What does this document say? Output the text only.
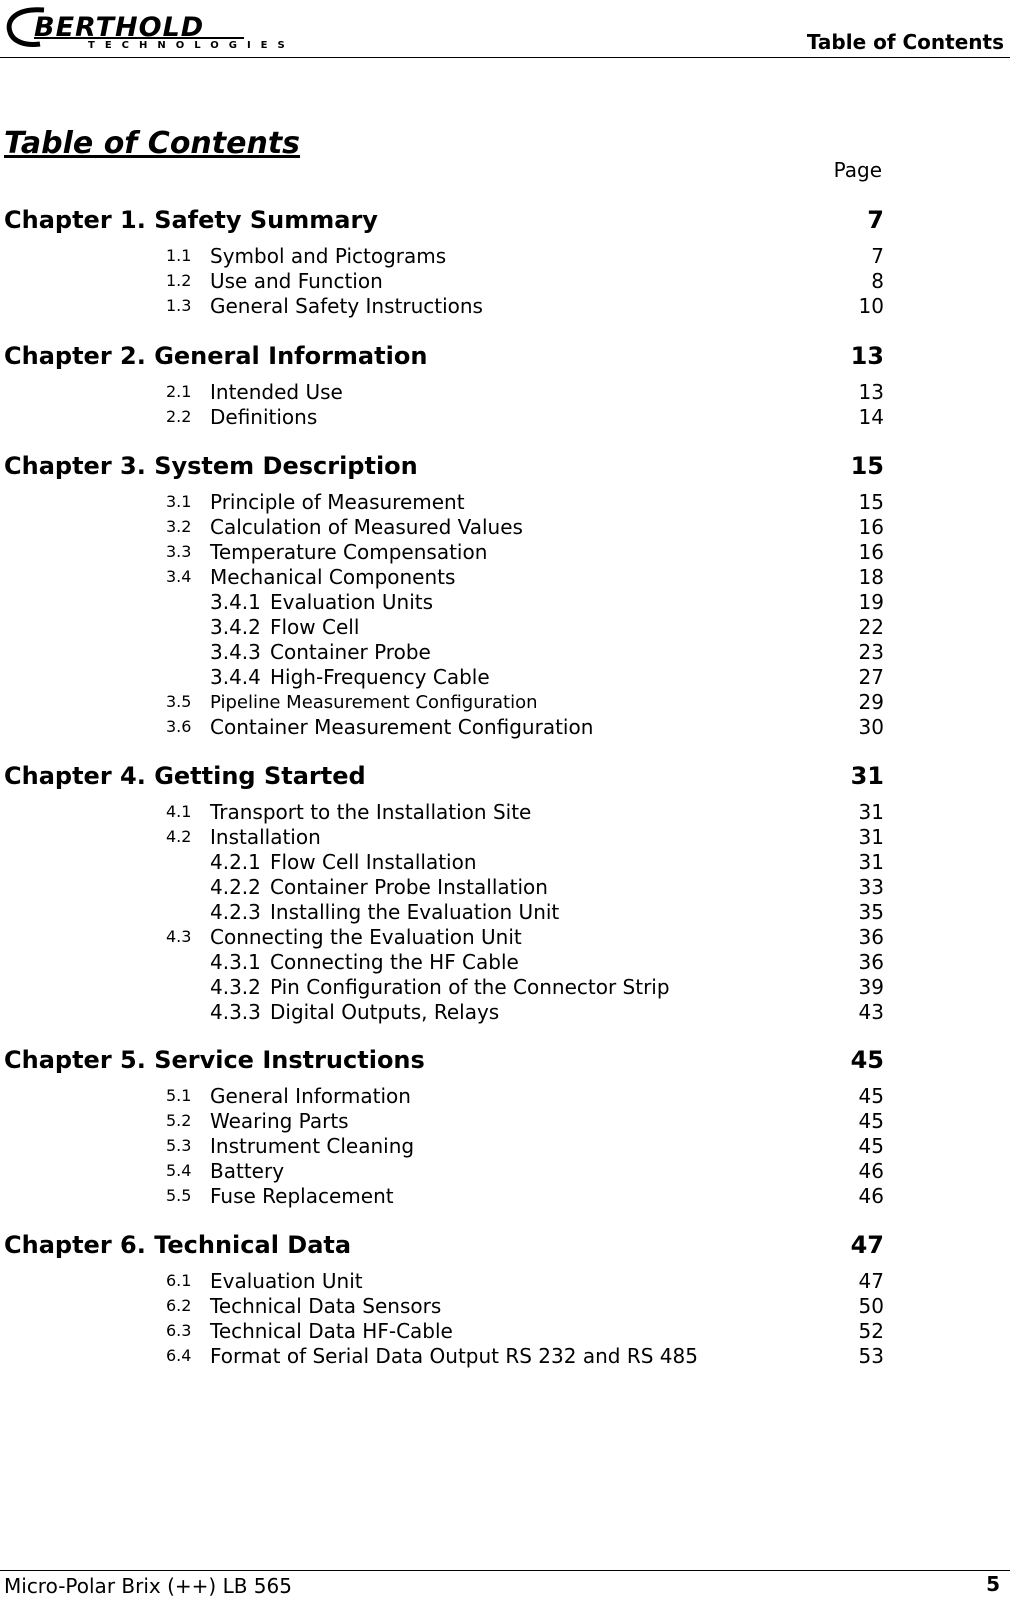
BERTHOLD
TECHNOLOGIES	Table of Contents
Table of Contents
Page
Chapter 1. Safety Summary	7
1.1 Symbol and Pictograms	7
1.2 Use and Function	8
1.3 General Safety Instructions	10
Chapter 2. General Information	13
2.1 Intended Use	13
2.2 Definitions	14
Chapter 3. System Description	15
3.1 Principle of Measurement	15
3.2 Calculation of Measured Values	16
3.3 Temperature Compensation	16
3.4 Mechanical Components	18
3.4.1 Evaluation Units	19
3.4.2 Flow Cell	22
3.4.3 Container Probe	23
3.4.4 High-Frequency Cable	27
3.5 Pipeline Measurement Configuration	29
3.6 Container Measurement Configuration	30
Chapter 4. Getting Started	31
4.1 Transport to the Installation Site	31
4.2 Installation	31
4.2.1 Flow Cell Installation	31
4.2.2 Container Probe Installation	33
4.2.3 Installing the Evaluation Unit	35
4.3 Connecting the Evaluation Unit	36
4.3.1 Connecting the HF Cable	36
4.3.2 Pin Configuration of the Connector Strip	39
4.3.3 Digital Outputs, Relays	43
Chapter 5. Service Instructions	45
5.1 General Information	45
5.2 Wearing Parts	45
5.3 Instrument Cleaning	45
5.4 Battery	46
5.5 Fuse Replacement	46
Chapter 6. Technical Data	47
6.1 Evaluation Unit	47
6.2 Technical Data Sensors	50
6.3 Technical Data HF-Cable	52
6.4 Format of Serial Data Output RS 232 and RS 485	53
Micro-Polar Brix (++) LB 565	5
